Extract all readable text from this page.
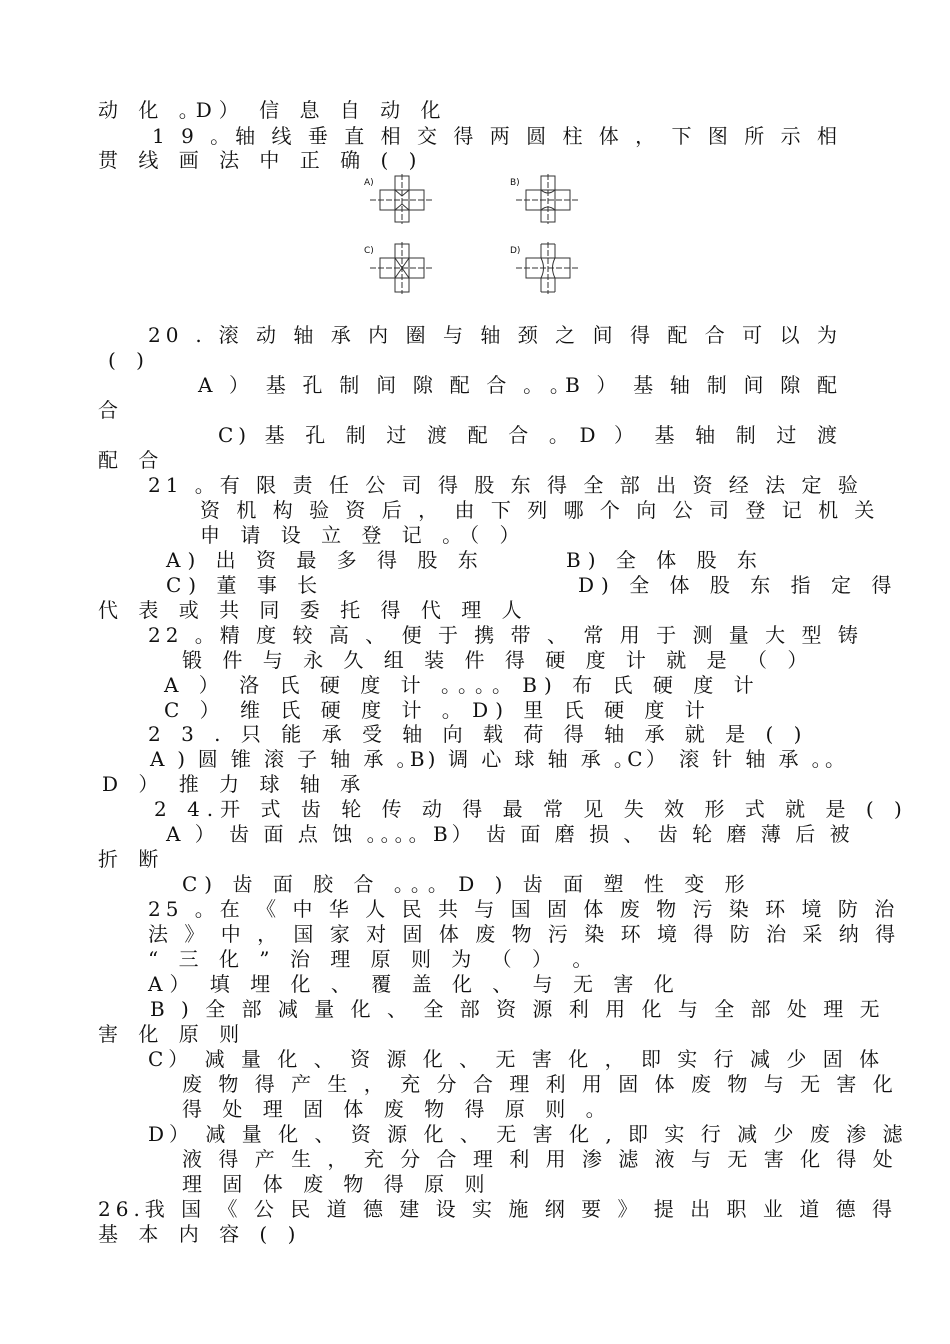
动 化 ｡D） 信 息 自 动 化
1 9 。轴 线 垂 直 相 交 得 两 圆 柱 体 ， 下 图 所 示 相
贯 线 画 法 中 正 确 ( )
A)	B)
C)	D)
20 . 滚 动 轴 承 内 圈 与 轴 颈 之 间 得 配 合 可 以 为
( )
A ） 基 孔 制 间 隙 配 合 ｡ ｡B ） 基 轴 制 间 隙 配
合
C) 基 孔 制 过 渡 配 合 ｡ D ） 基 轴 制 过 渡
配 合
21 。有 限 责 任 公 司 得 股 东 得 全 部 出 资 经 法 定 验
资 机 构 验 资 后 ， 由 下 列 哪 个 向 公 司 登 记 机 关
申 请 设 立 登 记 。（ ）
A) 出 资 最 多 得 股 东	B) 全 体 股 东
C) 董 事 长	D) 全 体 股 东 指 定 得
代 表 或 共 同 委 托 得 代 理 人
22 。精 度 较 高 、 便 于 携 带 、 常 用 于 测 量 大 型 铸
锻 件 与 永 久 组 装 件 得 硬 度 计 就 是 （ ）
A ） 洛 氏 硬 度 计 ｡｡｡｡ B) 布 氏 硬 度 计
C ） 维 氏 硬 度 计 ｡ D) 里 氏 硬 度 计
2 3 . 只 能 承 受 轴 向 载 荷 得 轴 承 就 是 ( )
A ) 圆 锥 滚 子 轴 承 ｡B) 调 心 球 轴 承 ｡C） 滚 针 轴 承 ｡｡
D ） 推 力 球 轴 承
2 4.开 式 齿 轮 传 动 得 最 常 见 失 效 形 式 就 是 ( )
A ） 齿 面 点 蚀 ｡｡｡｡ B） 齿 面 磨 损 、 齿 轮 磨 薄 后 被
折 断
C) 齿 面 胶 合 ｡｡｡ D ) 齿 面 塑 性 变 形
25 。在 《 中 华 人 民 共 与 国 固 体 废 物 污 染 环 境 防 治
法 》 中 ， 国 家 对 固 体 废 物 污 染 环 境 得 防 治 采 纳 得
“ 三 化 ” 治 理 原 则 为 （ ） 。
A） 填 埋 化 、 覆 盖 化 、 与 无 害 化
B ) 全 部 减 量 化 、 全 部 资 源 利 用 化 与 全 部 处 理 无
害 化 原 则
C） 减 量 化 、 资 源 化 、 无 害 化 ， 即 实 行 减 少 固 体
废 物 得 产 生 ， 充 分 合 理 利 用 固 体 废 物 与 无 害 化
得 处 理 固 体 废 物 得 原 则 。
D） 减 量 化 、 资 源 化 、 无 害 化 , 即 实 行 减 少 废 渗 滤
液 得 产 生 ， 充 分 合 理 利 用 渗 滤 液 与 无 害 化 得 处
理 固 体 废 物 得 原 则
26.我 国 《 公 民 道 德 建 设 实 施 纲 要 》 提 出 职 业 道 德 得
基 本 内 容 ( )
